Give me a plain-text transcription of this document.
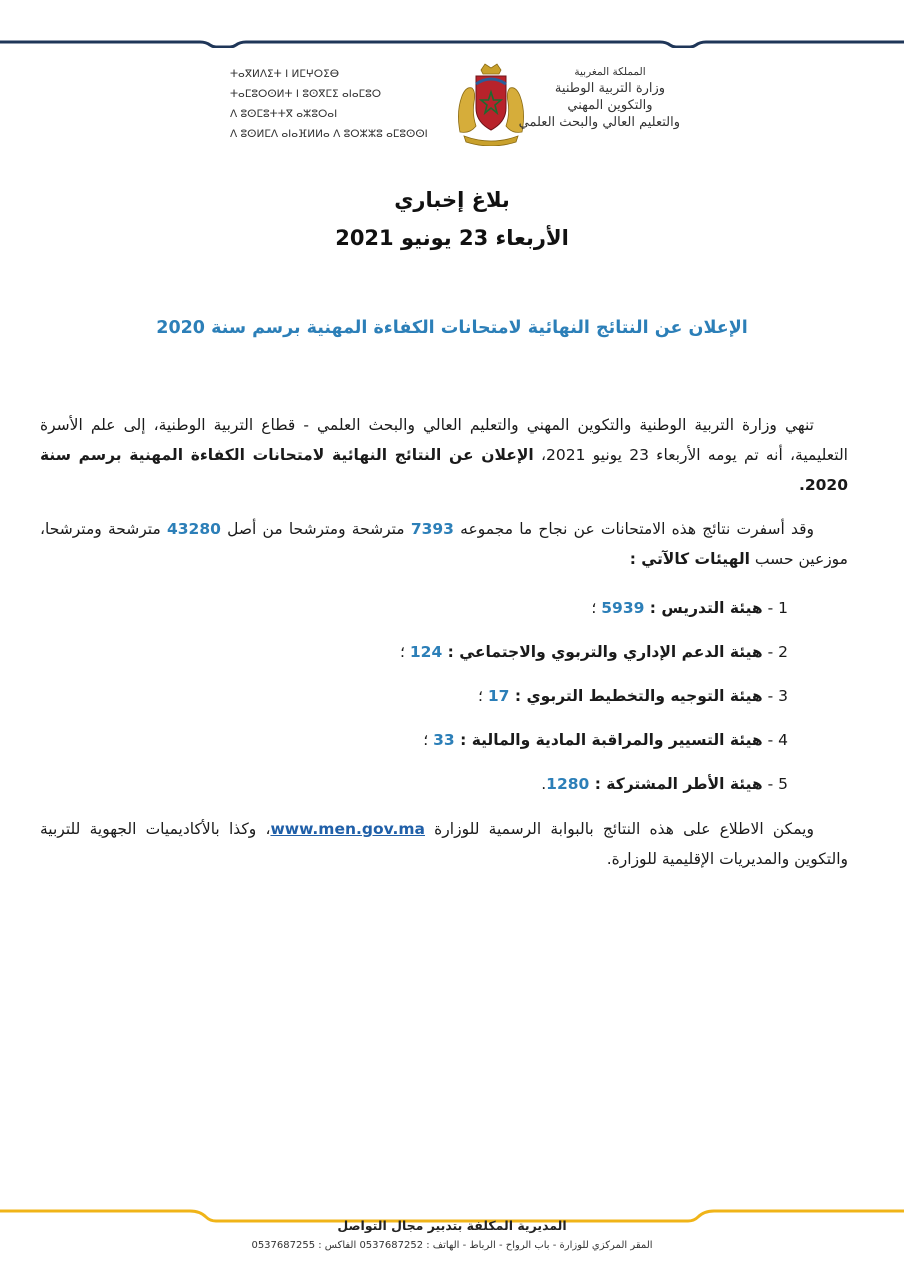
ⵜⴰⴳⵍⴷⵉⵜ ⵏ ⵍⵎⵖⵔⵉⴱ
ⵜⴰⵎⵓⵔⵙⵍⵜ ⵏ ⵓⵙⴳⵎⵉ ⴰⵏⴰⵎⵓⵔ
ⴷ ⵓⵙⵎⵓⵜⵜⴳ ⴰⵣⵓⵔⴰⵏ
ⴷ ⵓⵙⵍⵎⴷ ⴰⵏⴰⴼⵍⵍⴰ ⴷ ⵓⵔⵣⵣⵓ ⴰⵎⵓⵙⵙⵏ
المملكة المغربية
وزارة التربية الوطنية
والتكوين المهني
والتعليم العالي والبحث العلمي
بلاغ إخباري
الأربعاء 23 يونيو 2021
الإعلان عن النتائج النهائية لامتحانات الكفاءة المهنية برسم سنة 2020

تنهي وزارة التربية الوطنية والتكوين المهني والتعليم العالي والبحث العلمي - قطاع التربية الوطنية، إلى علم الأسرة التعليمية، أنه تم يومه الأربعاء 23 يونيو 2021، الإعلان عن النتائج النهائية لامتحانات الكفاءة المهنية برسم سنة 2020.

وقد أسفرت نتائج هذه الامتحانات عن نجاح ما مجموعه 7393 مترشحة ومترشحا من أصل 43280 مترشحة ومترشحا، موزعين حسب الهيئات كالآتي :

1 - هيئة التدريس : 5939 ؛
2 - هيئة الدعم الإداري والتربوي والاجتماعي : 124 ؛
3 - هيئة التوجيه والتخطيط التربوي : 17 ؛
4 - هيئة التسيير والمراقبة المادية والمالية : 33 ؛
5 - هيئة الأطر المشتركة : 1280.

ويمكن الاطلاع على هذه النتائج بالبوابة الرسمية للوزارة www.men.gov.ma، وكذا بالأكاديميات الجهوية للتربية والتكوين والمديريات الإقليمية للوزارة.

المديرية المكلفة بتدبير مجال التواصل
المقر المركزي للوزارة - باب الرواح - الرباط - الهاتف : 0537687252 الفاكس : 0537687255
